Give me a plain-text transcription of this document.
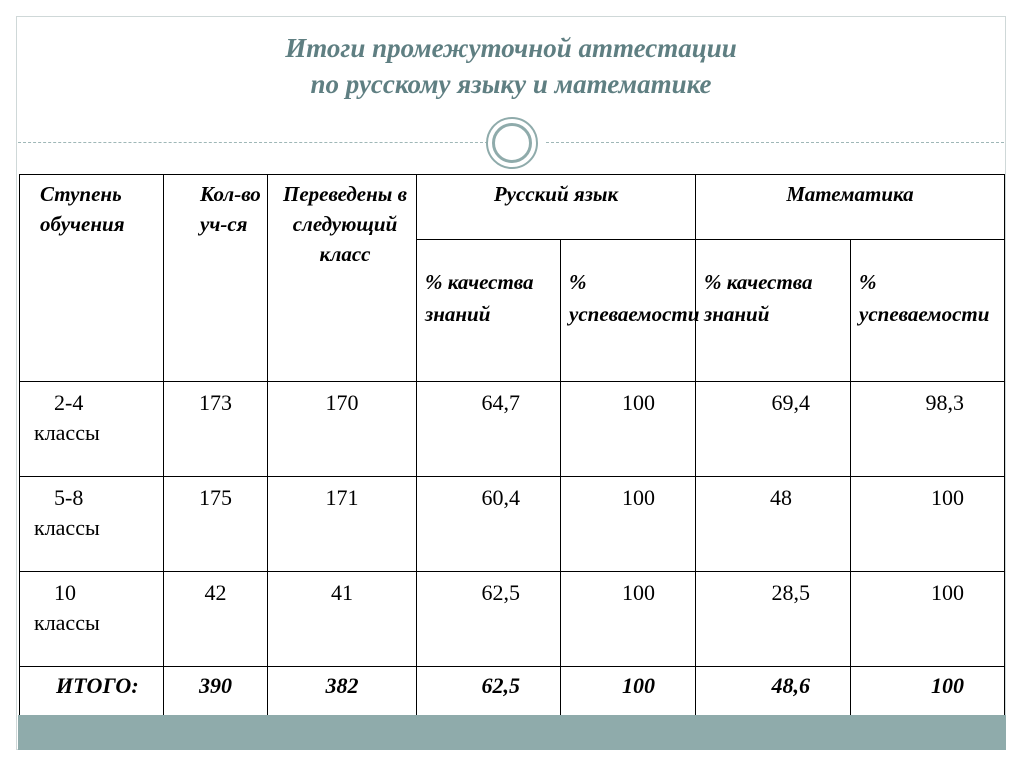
Итоги промежуточной аттестации
по русскому языку и математике
Ступень обучения	Кол-во уч-ся	Переведены в следующий класс	Русский язык		Математика	
			% качества знаний	% успеваемости	% качества знаний	% успеваемости

2-4
классы	173	170	64,7	100	69,4	98,3

5-8
классы	175	171	60,4	100	48	100

10
классы	42	41	62,5	100	28,5	100
ИТОГО:	390	382	62,5	100	48,6	100
